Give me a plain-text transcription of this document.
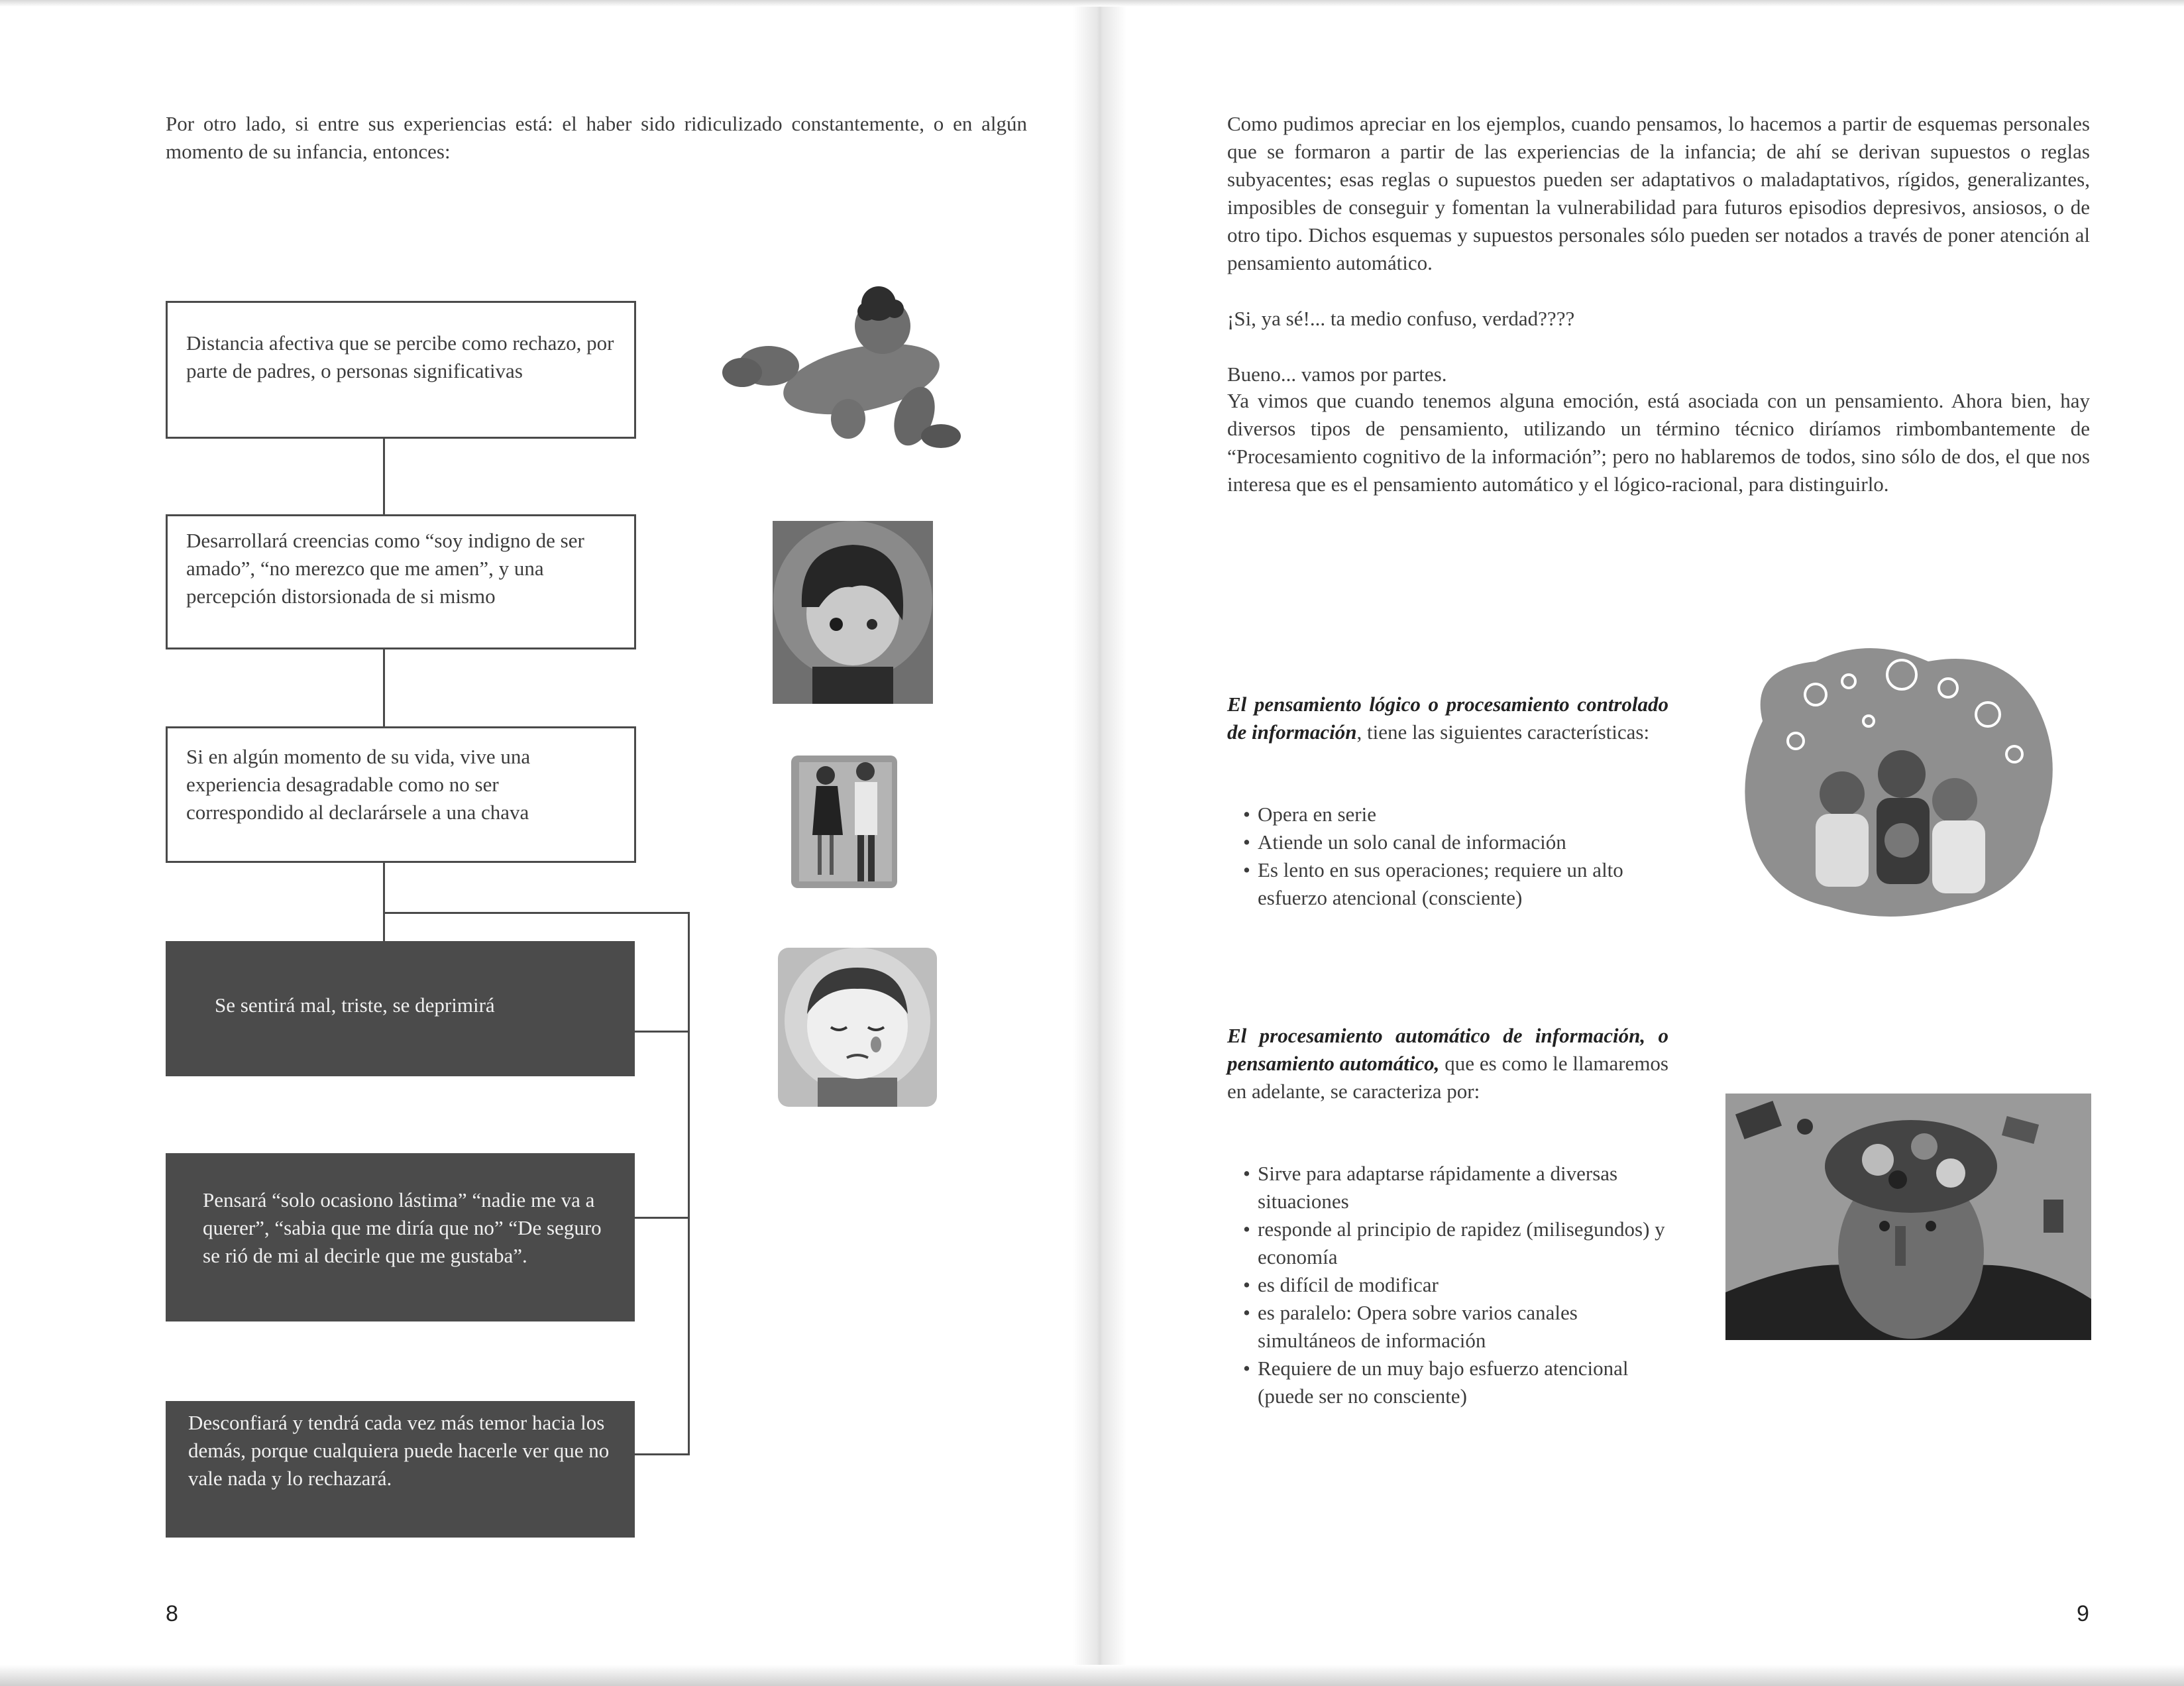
Por otro lado, si entre sus experiencias está: el haber sido ridiculizado constantemente, o en algún momento de su infancia, entonces:

Distancia afectiva que se percibe como rechazo, por parte de padres, o personas significativas
Desarrollará creencias como “soy indigno de ser amado”, “no merezco que me amen”, y una percepción distorsionada de si mismo
Si en algún momento de su vida, vive una experiencia desagradable como no ser correspondido al declarársele a una chava
Se sentirá mal, triste, se deprimirá
Pensará “solo ocasiono lástima” “nadie me va a querer”, “sabia que me diría que no” “De seguro se rió de mi al decirle que me gustaba”.
Desconfiará y tendrá cada vez más temor hacia los demás, porque cualquiera puede hacerle ver que no vale nada y lo rechazará.
8

Como pudimos apreciar en los ejemplos, cuando pensamos, lo hacemos a partir de esquemas personales que se formaron a partir de las experiencias de la infancia; de ahí se derivan supuestos o reglas subyacentes; esas reglas o supuestos pueden ser adaptativos o maladaptativos, rígidos, generalizantes, imposibles de conseguir y fomentan la vulnerabilidad para futuros episodios depresivos, ansiosos, o de otro tipo. Dichos esquemas y supuestos personales sólo pueden ser notados a través de poner atención al pensamiento automático.

¡Si, ya sé!... ta medio confuso, verdad????

Bueno... vamos por partes.

Ya vimos que cuando tenemos alguna emoción, está asociada con un pensamiento. Ahora bien, hay diversos tipos de pensamiento, utilizando un término técnico diríamos rimbombantemente de “Procesamiento cognitivo de la información”; pero no hablaremos de todos, sino sólo de dos, el que nos interesa que es el pensamiento automático y el lógico-racional, para distinguirlo.

El pensamiento lógico o procesamiento controlado de información, tiene las siguientes características:

• Opera en serie
• Atiende un solo canal de información
• Es lento en sus operaciones; requiere un alto esfuerzo atencional (consciente)

El procesamiento automático de información, o pensamiento automático, que es como le llamaremos en adelante, se caracteriza por:

• Sirve para adaptarse rápidamente a diversas situaciones
• responde al principio de rapidez (milisegundos) y economía
• es difícil de modificar
• es paralelo: Opera sobre varios canales simultáneos de información
• Requiere de un muy bajo esfuerzo atencional (puede ser no consciente)
9
